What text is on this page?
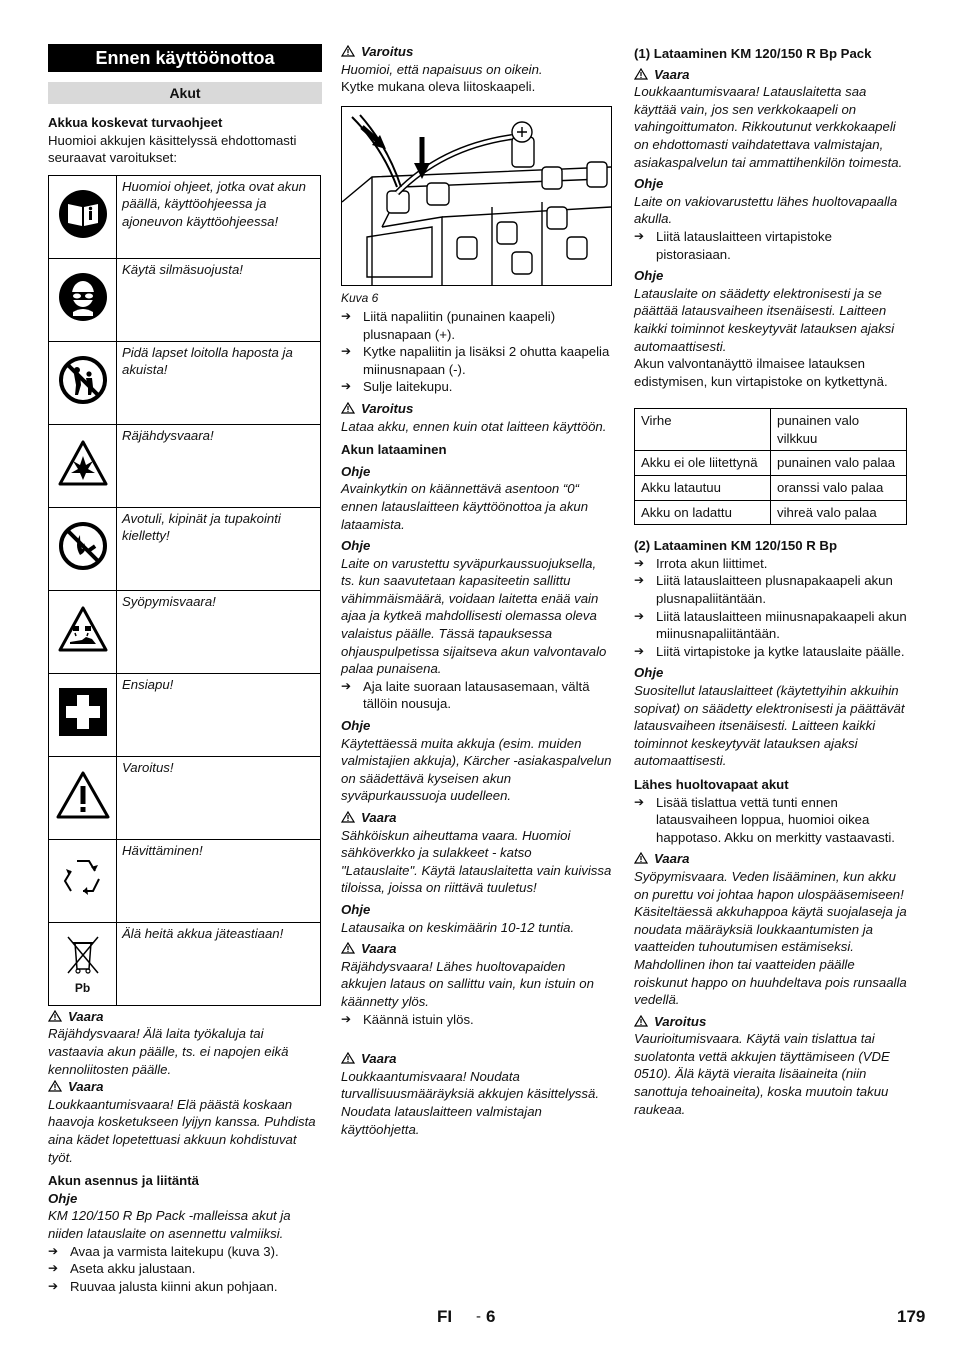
Ennen käyttöönottoa
Akut

Akkua koskevat turvaohjeet

Huomioi akkujen käsittelyssä ehdottomasti seuraavat varoitukset:

	Huomioi ohjeet, jotka ovat akun päällä, käyttöohjeessa ja ajoneuvon käyttöohjeessa!
	Käytä silmäsuojusta!
	Pidä lapset loitolla haposta ja akuista!
	Räjähdysvaara!
	Avotuli, kipinät ja tupakointi kielletty!
	Syöpymisvaara!
	Ensiapu!
	Varoitus!
	Hävittäminen!

Pb	Älä heitä akkua jäteastiaan!

Vaara

Räjähdysvaara! Älä laita työkaluja tai vastaavia akun päälle, ts. ei napojen eikä kennoliitosten päälle.

Vaara

Loukkaantumisvaara! Elä päästä koskaan haavoja kosketukseen lyijyn kanssa. Puhdista aina kädet lopetettuasi akkuun kohdistuvat työt.

Akun asennus ja liitäntä

Ohje

KM 120/150 R Bp Pack -malleissa akut ja niiden latauslaite on asennettu valmiiksi.

➔ Avaa ja varmista laitekupu (kuva 3).
➔ Aseta akku jalustaan.
➔ Ruuvaa jalusta kiinni akun pohjaan.

Varoitus

Huomioi, että napaisuus on oikein.

Kytke mukana oleva liitoskaapeli.

Kuva 6
➔ Liitä napaliitin (punainen kaapeli) plusnapaan (+).
➔ Kytke napaliitin ja lisäksi 2 ohutta kaapelia miinusnapaan (-).
➔ Sulje laitekupu.

Varoitus

Lataa akku, ennen kuin otat laitteen käyttöön.

Akun lataaminen

Ohje

Avainkytkin on käännettävä asentoon “0“ ennen latauslaitteen käyttöönottoa ja akun lataamista.

Ohje

Laite on varustettu syväpurkaussuojuksella, ts. kun saavutetaan kapasiteetin sallittu vähimmäismäärä, voidaan laitetta enää vain ajaa ja kytkeä mahdollisesti olemassa oleva valaistus päälle. Tässä tapauksessa ohjauspulpetissa sijaitseva akun valvontavalo palaa punaisena.

➔ Aja laite suoraan latausasemaan, vältä tällöin nousuja.

Ohje

Käytettäessä muita akkuja (esim. muiden valmistajien akkuja), Kärcher -asiakaspalvelun on säädettävä kyseisen akun syväpurkaussuoja uudelleen.

Vaara

Sähköiskun aiheuttama vaara. Huomioi sähköverkko ja sulakkeet - katso "Latauslaite". Käytä latauslaitetta vain kuivissa tiloissa, joissa on riittävä tuuletus!

Ohje

Latausaika on keskimäärin 10-12 tuntia.

Vaara

Räjähdysvaara! Lähes huoltovapaiden akkujen lataus on sallittu vain, kun istuin on käännetty ylös.

➔ Käännä istuin ylös.

Vaara

Loukkaantumisvaara! Noudata turvallisuusmääräyksiä akkujen käsittelyssä. Noudata latauslaitteen valmistajan käyttöohjetta.

(1) Lataaminen KM 120/150 R Bp Pack

Vaara

Loukkaantumisvaara! Latauslaitetta saa käyttää vain, jos sen verkkokaapeli on vahingoittumaton. Rikkoutunut verkkokaapeli on ehdottomasti vaihdatettava valmistajan, asiakaspalvelun tai ammattihenkilön toimesta.

Ohje

Laite on vakiovarustettu lähes huoltovapaalla akulla.

➔ Liitä latauslaitteen virtapistoke pistorasiaan.

Ohje

Latauslaite on säädetty elektronisesti ja se päättää latausvaiheen itsenäisesti. Laitteen kaikki toiminnot keskeytyvät latauksen ajaksi automaattisesti.

Akun valvontanäyttö ilmaisee latauksen edistymisen, kun virtapistoke on kytkettynä.

Virhe	punainen valo vilkkuu
Akku ei ole liitettynä	punainen valo palaa
Akku latautuu	oranssi valo palaa
Akku on ladattu	vihreä valo palaa

(2) Lataaminen KM 120/150 R Bp

➔ Irrota akun liittimet.
➔ Liitä latauslaitteen plusnapakaapeli akun plusnapaliitäntään.
➔ Liitä latauslaitteen miinusnapakaapeli akun miinusnapaliitäntään.
➔ Liitä virtapistoke ja kytke latauslaite päälle.

Ohje

Suositellut latauslaitteet (käytettyihin akkuihin sopivat) on säädetty elektronisesti ja päättävät latausvaiheen itsenäisesti. Laitteen kaikki toiminnot keskeytyvät latauksen ajaksi automaattisesti.

Lähes huoltovapaat akut

➔ Lisää tislattua vettä tunti ennen latausvaiheen loppua, huomioi oikea happotaso. Akku on merkitty vastaavasti.

Vaara

Syöpymisvaara. Veden lisääminen, kun akku on purettu voi johtaa hapon ulospääsemiseen! Käsiteltäessä akkuhappoa käytä suojalaseja ja noudata määräyksiä loukkaantumisten ja vaatteiden tuhoutumisen estämiseksi. Mahdollinen ihon tai vaatteiden päälle roiskunut happo on huuhdeltava pois runsaalla vedellä.

Varoitus

Vaurioitumisvaara. Käytä vain tislattua tai suolatonta vettä akkujen täyttämiseen (VDE 0510). Älä käytä vieraita lisäaineita (niin sanottuja tehoaineita), koska muutoin takuu raukeaa.

FI - 6	179
